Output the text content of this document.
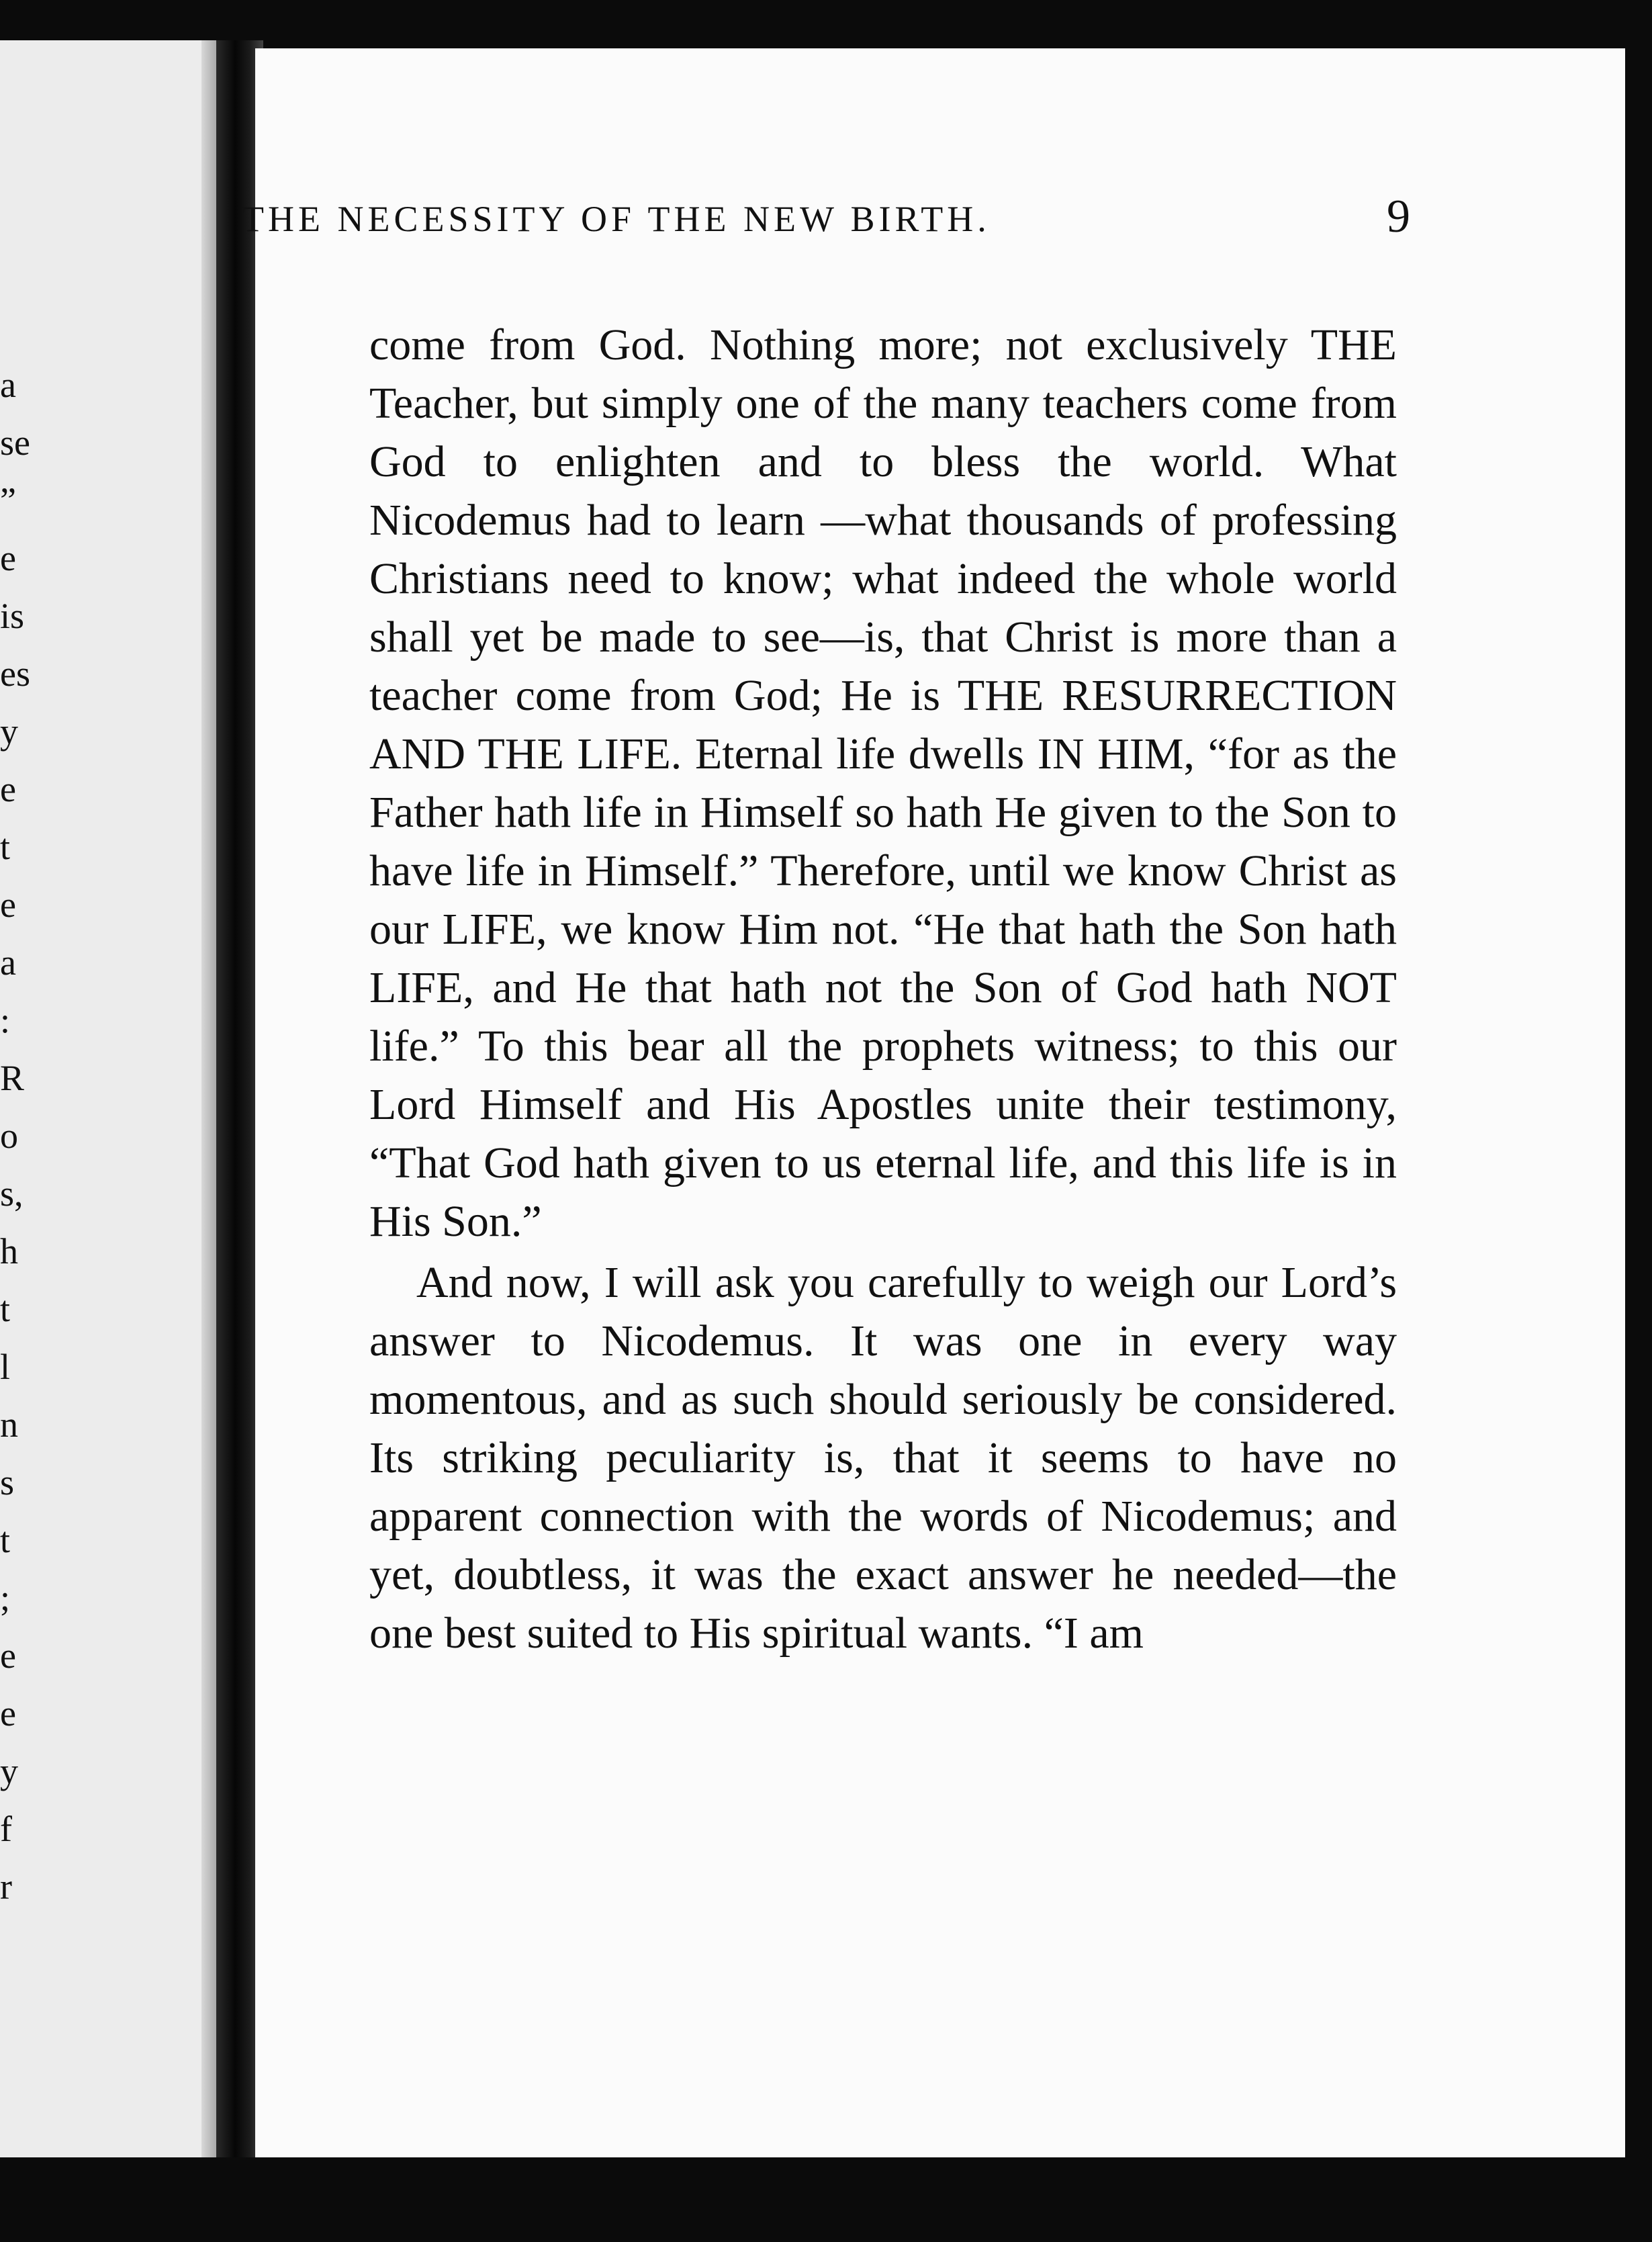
a
se
”
e
is
es
y
e
t
e
a
:
R
o
s,
h
t
l
n
s
t
;
e
e
y
f
r
THE NECESSITY OF THE NEW BIRTH.	9

come from God. Nothing more; not exclusively THE Teacher, but simply one of the many teachers come from God to enlighten and to bless the world. What Nicodemus had to learn —what thousands of professing Christians need to know; what indeed the whole world shall yet be made to see—is, that Christ is more than a teacher come from God; He is THE RESURRECTION AND THE LIFE. Eternal life dwells IN HIM, “for as the Father hath life in Himself so hath He given to the Son to have life in Himself.” Therefore, until we know Christ as our LIFE, we know Him not. “He that hath the Son hath LIFE, and He that hath not the Son of God hath NOT life.” To this bear all the prophets witness; to this our Lord Himself and His Apostles unite their testimony, “That God hath given to us eternal life, and this life is in His Son.”

And now, I will ask you carefully to weigh our Lord’s answer to Nicodemus. It was one in every way momentous, and as such should seriously be considered. Its striking peculiarity is, that it seems to have no apparent connection with the words of Nicodemus; and yet, doubtless, it was the exact answer he needed—the one best suited to His spiritual wants. “I am
